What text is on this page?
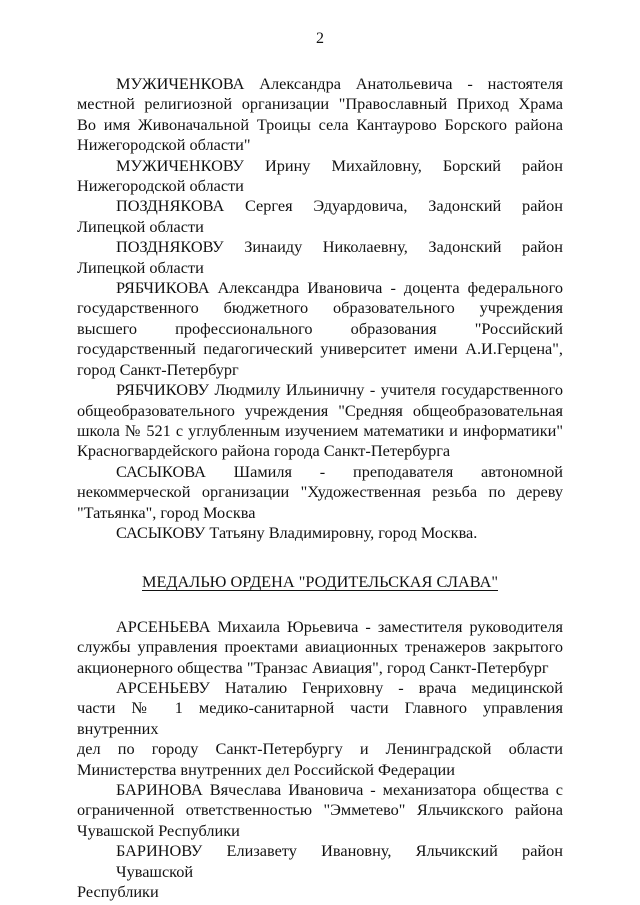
2
МУЖИЧЕНКОВА Александра Анатольевича - настоятеля
местной религиозной организации "Православный Приход Храма
Во имя Живоначальной Троицы села Кантаурово Борского района
Нижегородской области"
МУЖИЧЕНКОВУ Ирину Михайловну, Борский район
Нижегородской области
ПОЗДНЯКОВА Сергея Эдуардовича, Задонский район
Липецкой области
ПОЗДНЯКОВУ Зинаиду Николаевну, Задонский район
Липецкой области
РЯБЧИКОВА Александра Ивановича - доцента федерального
государственного бюджетного образовательного учреждения
высшего профессионального образования "Российский
государственный педагогический университет имени А.И.Герцена",
город Санкт-Петербург
РЯБЧИКОВУ Людмилу Ильиничну - учителя государственного
общеобразовательного учреждения "Средняя общеобразовательная
школа № 521 с углубленным изучением математики и информатики"
Красногвардейского района города Санкт-Петербурга
САСЫКОВА Шамиля - преподавателя автономной
некоммерческой организации "Художественная резьба по дереву
"Татьянка", город Москва
САСЫКОВУ Татьяну Владимировну, город Москва.
МЕДАЛЬЮ ОРДЕНА "РОДИТЕЛЬСКАЯ СЛАВА"
АРСЕНЬЕВА Михаила Юрьевича - заместителя руководителя
службы управления проектами авиационных тренажеров закрытого
акционерного общества "Транзас Авиация", город Санкт-Петербург
АРСЕНЬЕВУ Наталию Генриховну - врача медицинской
части № 1 медико-санитарной части Главного управления внутренних
дел по городу Санкт-Петербургу и Ленинградской области
Министерства внутренних дел Российской Федерации
БАРИНОВА Вячеслава Ивановича - механизатора общества с
ограниченной ответственностью "Эмметево" Яльчикского района
Чувашской Республики
БАРИНОВУ Елизавету Ивановну, Яльчикский район Чувашской
Республики
